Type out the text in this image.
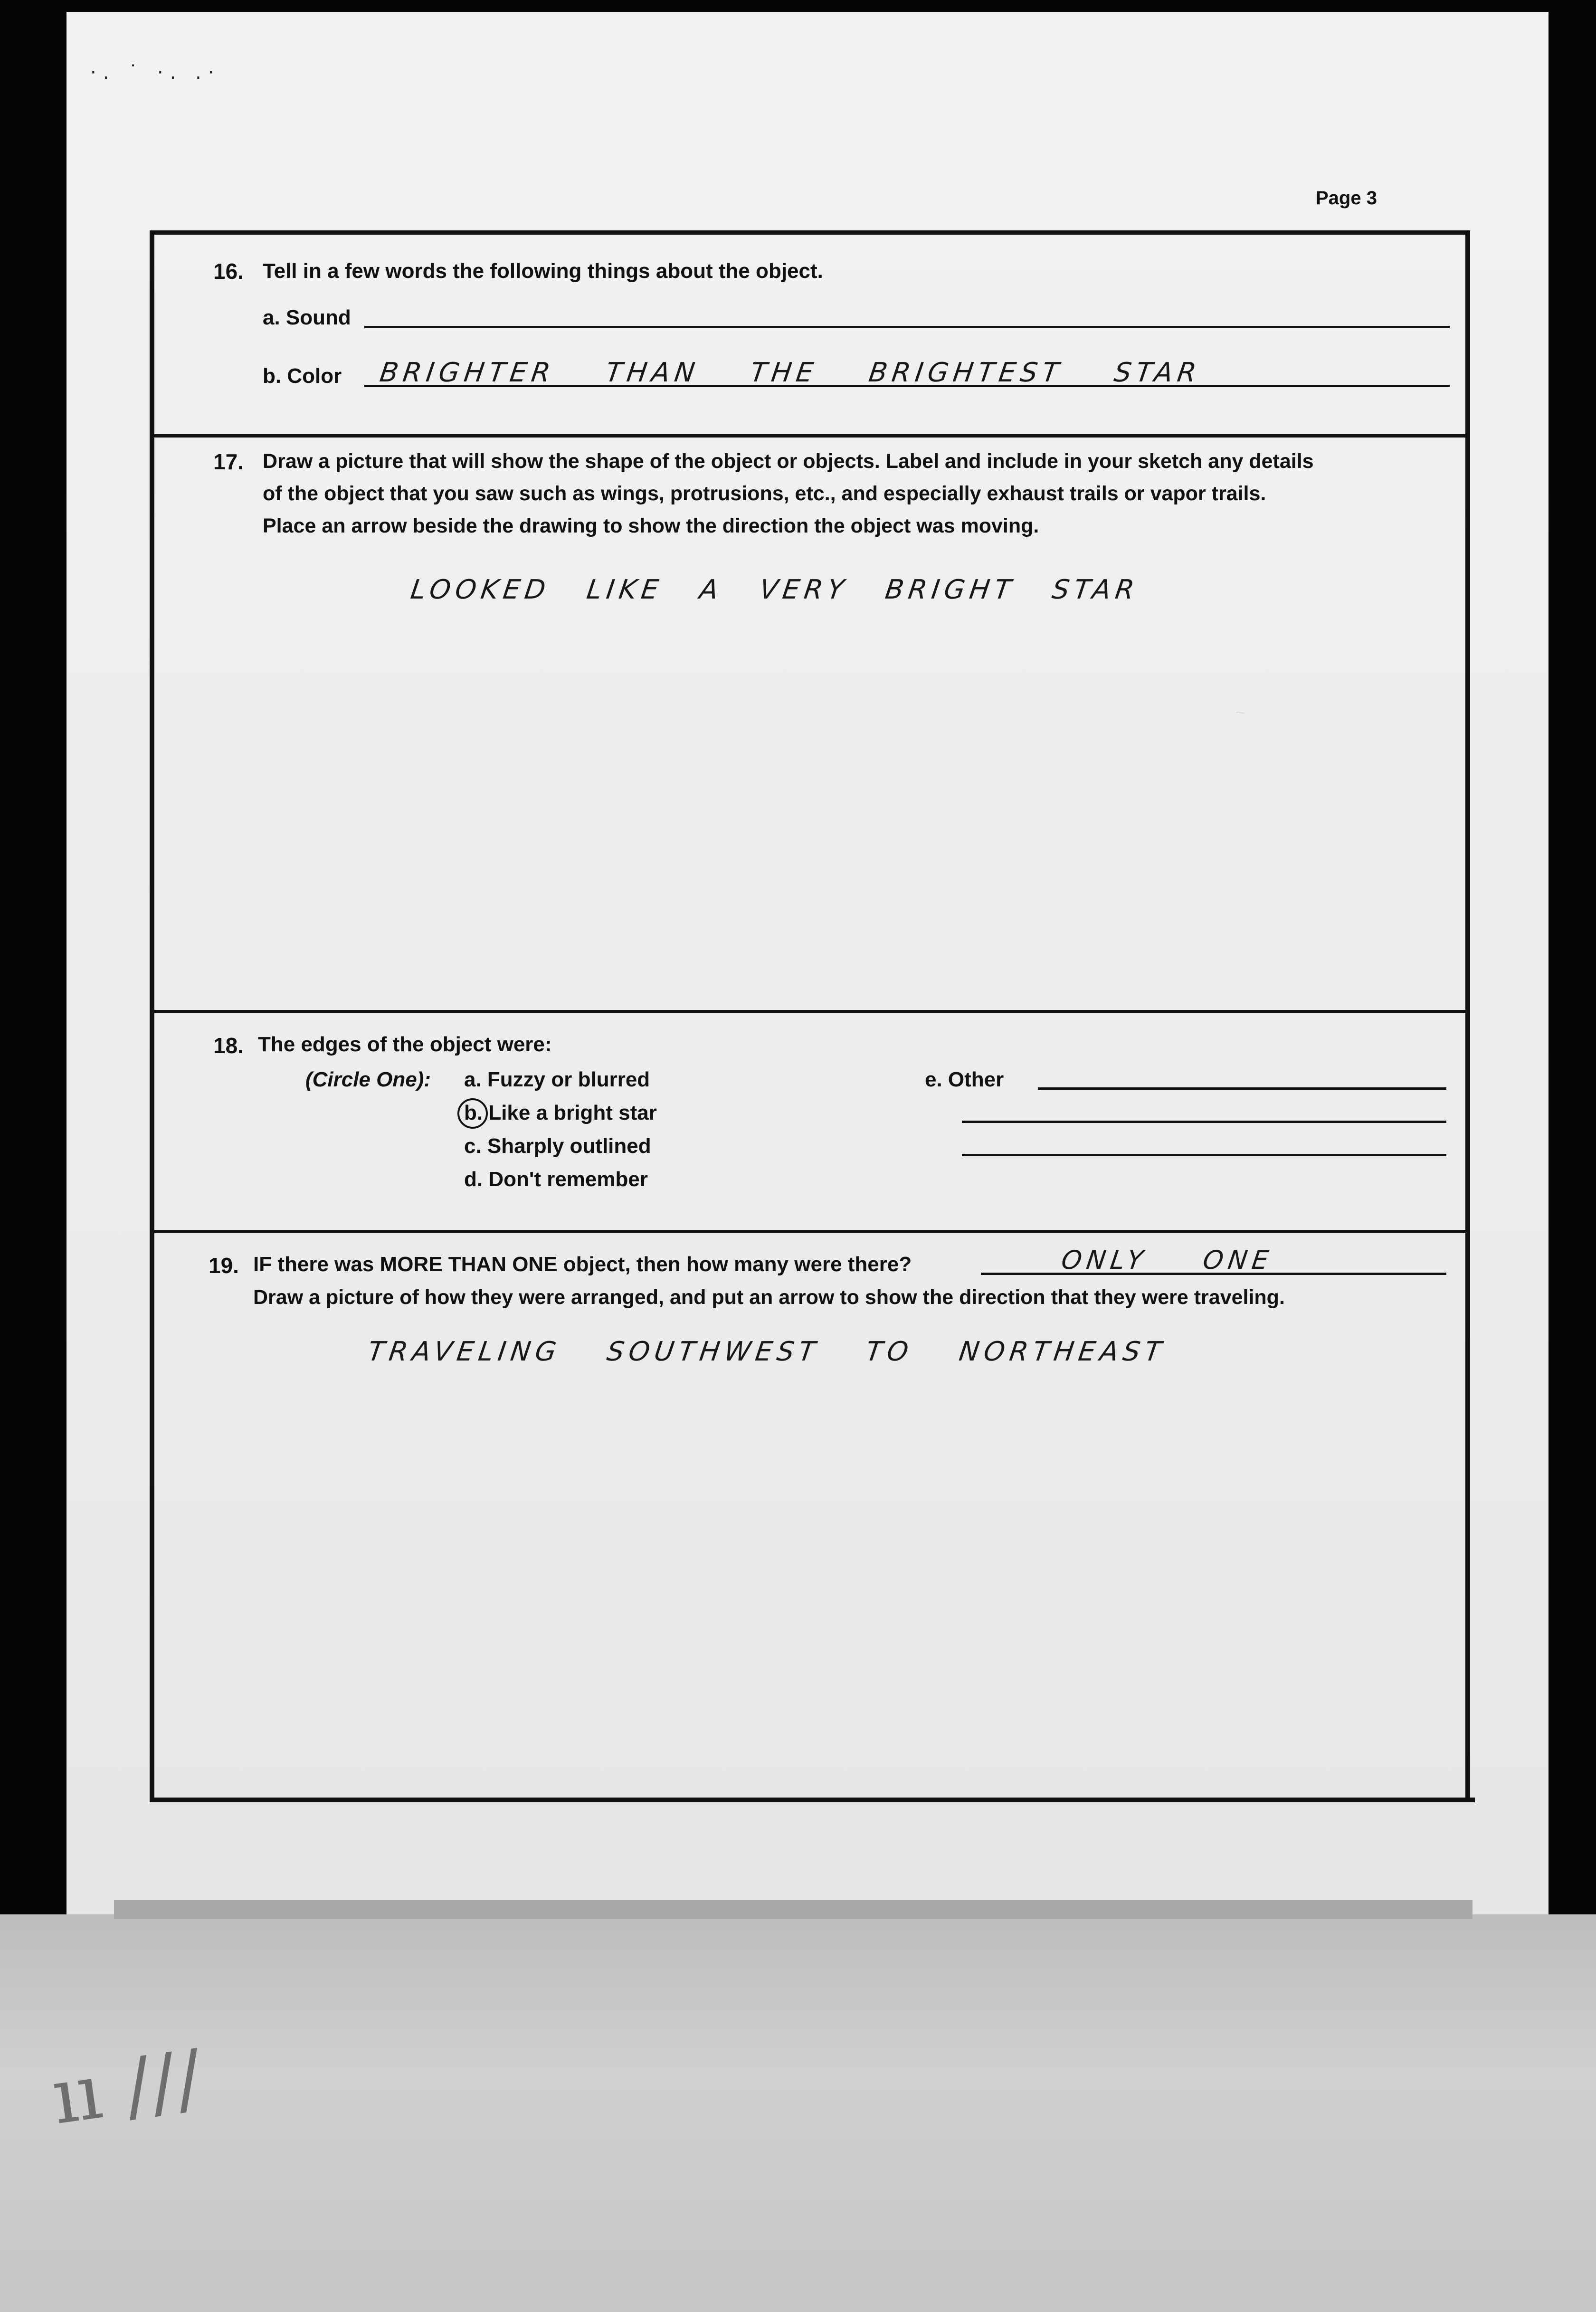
·. ˙ ·. .·
ıı ///
Page 3
~
16. Tell in a few words the following things about the object.
a. Sound
b. Color BRIGHTER THAN THE BRIGHTEST STAR
17. Draw a picture that will show the shape of the object or objects. Label and include in your sketch any details
of the object that you saw such as wings, protrusions, etc., and especially exhaust trails or vapor trails.
Place an arrow beside the drawing to show the direction the object was moving.
LOOKED LIKE A VERY BRIGHT STAR
18. The edges of the object were:
(Circle One): a. Fuzzy or blurred
b. Like a bright star
c. Sharply outlined
d. Don't remember
e. Other
19. IF there was MORE THAN ONE object, then how many were there?	ONLY ONE
Draw a picture of how they were arranged, and put an arrow to show the direction that they were traveling.
TRAVELING SOUTHWEST TO NORTHEAST
